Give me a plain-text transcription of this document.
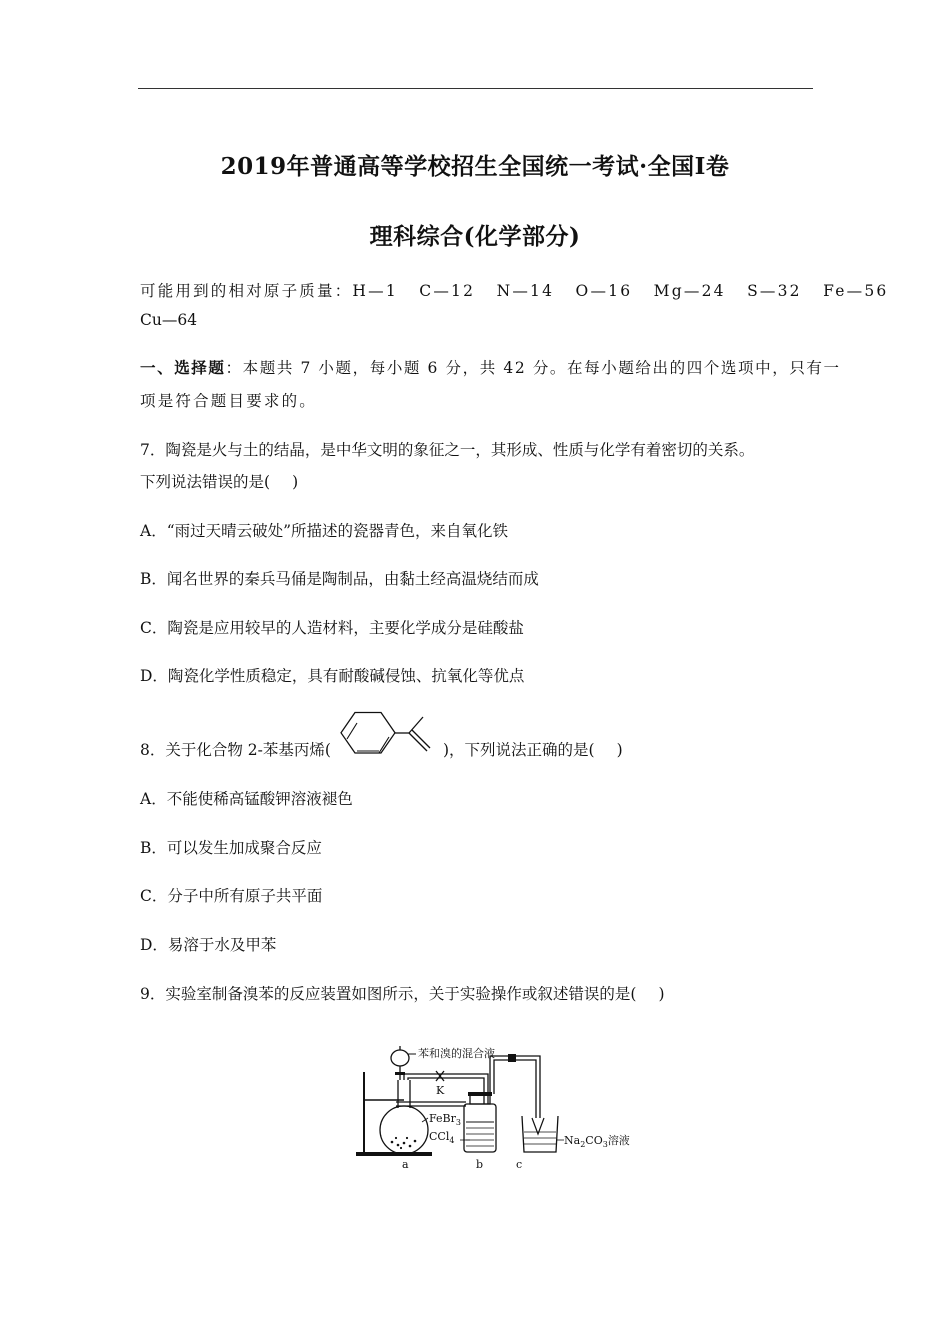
2019年普通高等学校招生全国统一考试·全国Ⅰ卷
理科综合(化学部分)
可能用到的相对原子质量：H—1 C—12 N—14 O—16 Mg—24 S—32 Fe—56
Cu—64
一、选择题：本题共 7 小题，每小题 6 分，共 42 分。在每小题给出的四个选项中，只有一
项是符合题目要求的。
7．陶瓷是火与土的结晶，是中华文明的象征之一，其形成、性质与化学有着密切的关系。
下列说法错误的是( )
A．“雨过天晴云破处”所描述的瓷器青色，来自氧化铁
B．闻名世界的秦兵马俑是陶制品，由黏土经高温烧结而成
C．陶瓷是应用较早的人造材料，主要化学成分是硅酸盐
D．陶瓷化学性质稳定，具有耐酸碱侵蚀、抗氧化等优点
8．关于化合物 2-苯基丙烯(	)，下列说法正确的是( )
A．不能使稀高锰酸钾溶液褪色
B．可以发生加成聚合反应
C．分子中所有原子共平面
D．易溶于水及甲苯
9．实验室制备溴苯的反应装置如图所示，关于实验操作或叙述错误的是( )
苯和溴的混合液
K
FeBr$_3$
CCl$_4$	$Na_2CO_3$溶液
a	b	c
